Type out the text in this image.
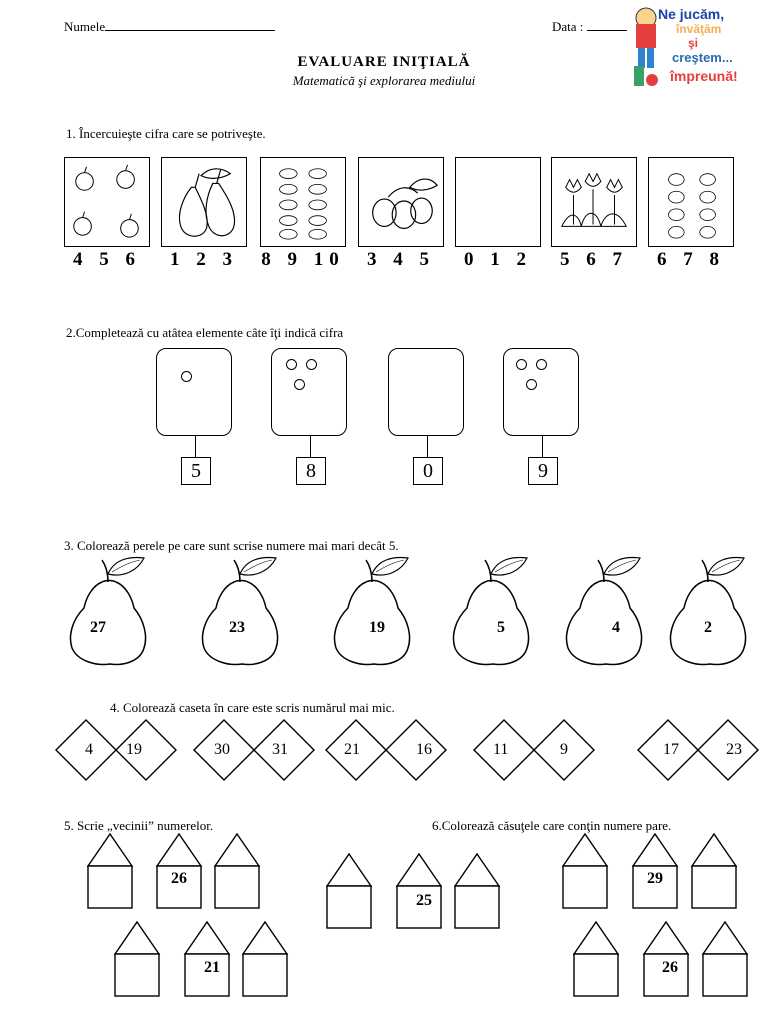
Numele	Data :
Ne jucăm,
învăţăm
şi
creştem...
împreună!
EVALUARE INIŢIALĂ
Matematică şi explorarea mediului
1. Încercuieşte cifra care se potriveşte.
4 5 6	1 2 3	8 9 10	3 4 5	0 1 2	5 6 7	6 7 8
2.Completează cu atâtea elemente câte îţi indică cifra
5	8	0	9
3. Colorează perele pe care sunt scrise numere mai mari decât 5.
27	23	19	5	4	2
4. Colorează caseta în care este scris numărul mai mic.
4 19	30	31	21	16	11	9	17	23
5. Scrie „vecinii” numerelor.	6.Colorează căsuţele care conţin numere pare.
26
21
25
29
26
